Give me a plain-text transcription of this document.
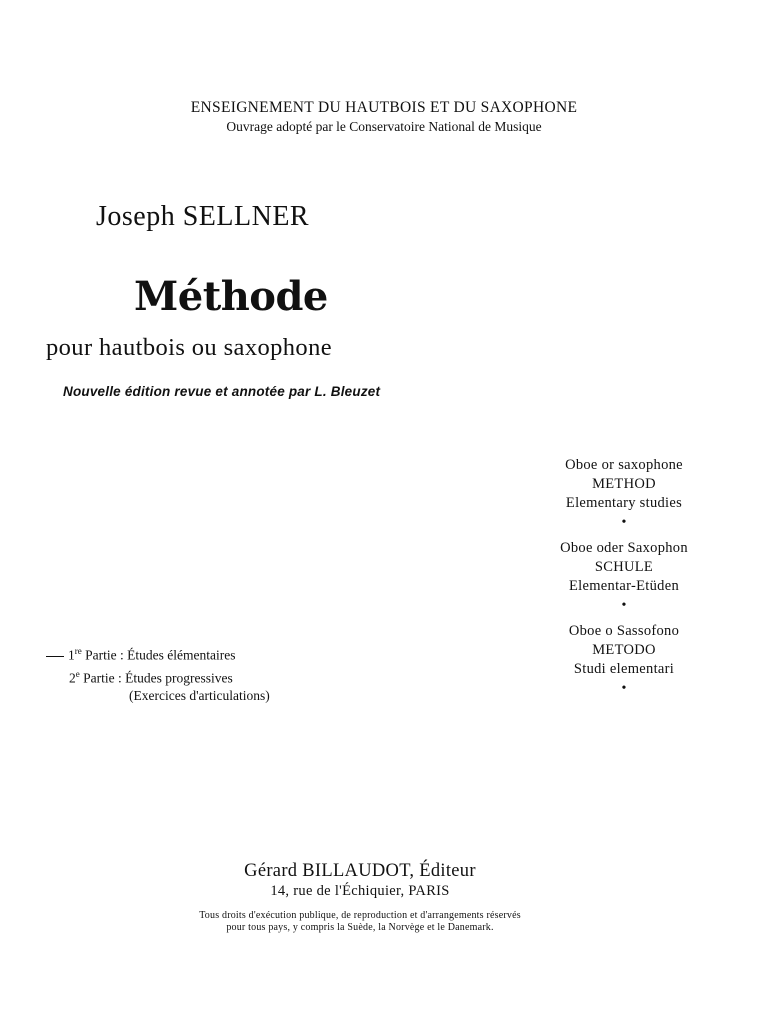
ENSEIGNEMENT DU HAUTBOIS ET DU SAXOPHONE
Ouvrage adopté par le Conservatoire National de Musique
Joseph SELLNER
Méthode
pour hautbois ou saxophone
Nouvelle édition revue et annotée par L. Bleuzet
Oboe or saxophone
METHOD
Elementary studies
•
Oboe oder Saxophon
SCHULE
Elementar-Etüden
•
Oboe o Sassofono
METODO
Studi elementari
•
1re Partie : Études élémentaires
2e Partie : Études progressives
(Exercices d'articulations)
Gérard BILLAUDOT, Éditeur
14, rue de l'Échiquier, PARIS
Tous droits d'exécution publique, de reproduction et d'arrangements réservés
pour tous pays, y compris la Suède, la Norvège et le Danemark.
